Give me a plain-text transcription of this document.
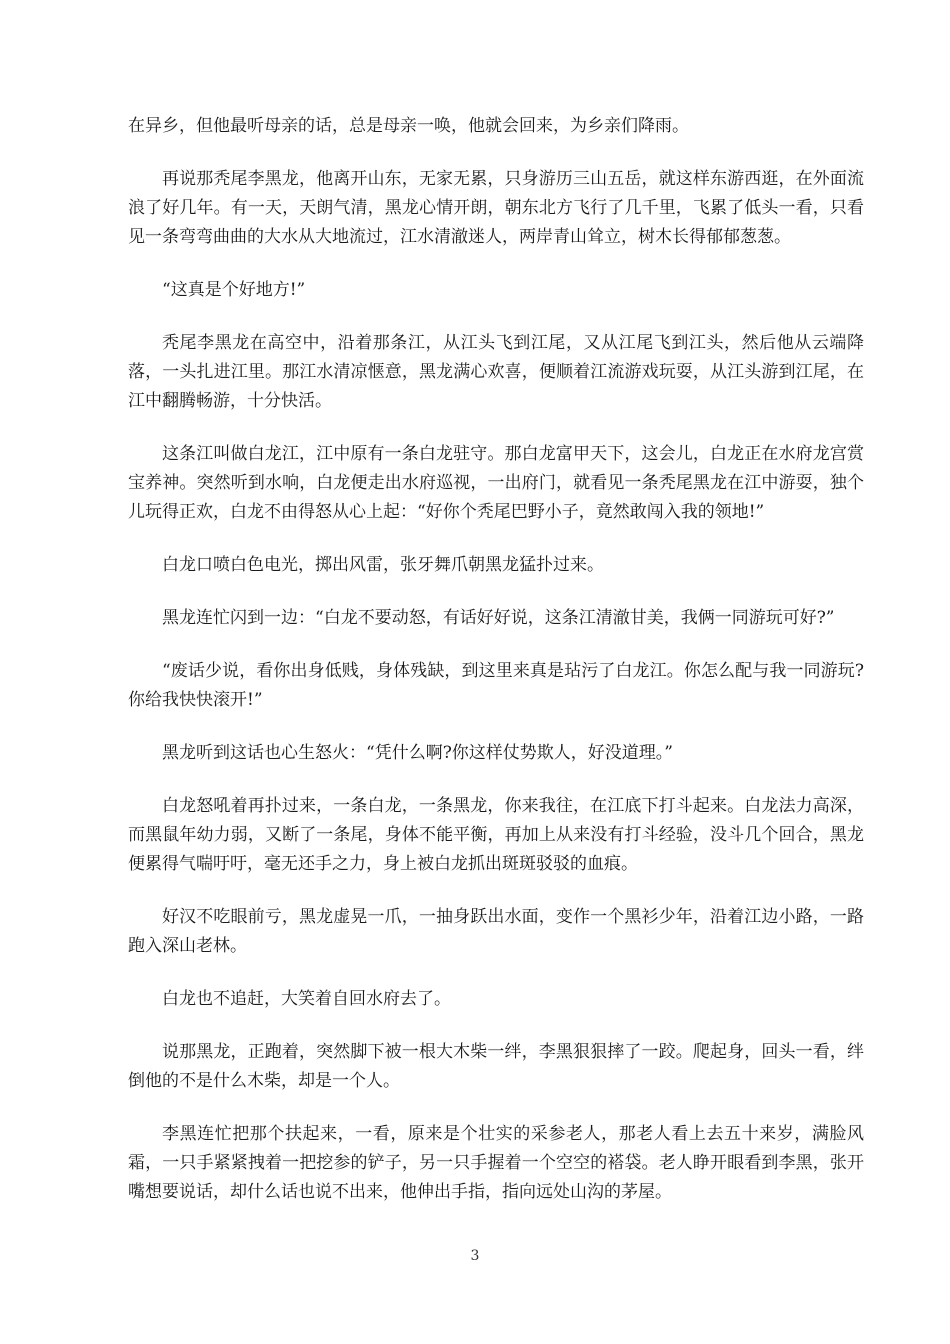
在异乡，但他最听母亲的话，总是母亲一唤，他就会回来，为乡亲们降雨。

再说那秃尾李黑龙，他离开山东，无家无累，只身游历三山五岳，就这样东游西逛，在外面流浪了好几年。有一天，天朗气清，黑龙心情开朗，朝东北方飞行了几千里，飞累了低头一看，只看见一条弯弯曲曲的大水从大地流过，江水清澈迷人，两岸青山耸立，树木长得郁郁葱葱。

“这真是个好地方!”

秃尾李黑龙在高空中，沿着那条江，从江头飞到江尾，又从江尾飞到江头，然后他从云端降落，一头扎进江里。那江水清凉惬意，黑龙满心欢喜，便顺着江流游戏玩耍，从江头游到江尾，在江中翻腾畅游，十分快活。

这条江叫做白龙江，江中原有一条白龙驻守。那白龙富甲天下，这会儿，白龙正在水府龙宫赏宝养神。突然听到水响，白龙便走出水府巡视，一出府门，就看见一条秃尾黑龙在江中游耍，独个儿玩得正欢，白龙不由得怒从心上起：“好你个秃尾巴野小子，竟然敢闯入我的领地!”

白龙口喷白色电光，掷出风雷，张牙舞爪朝黑龙猛扑过来。

黑龙连忙闪到一边：“白龙不要动怒，有话好好说，这条江清澈甘美，我俩一同游玩可好?”

“废话少说，看你出身低贱，身体残缺，到这里来真是玷污了白龙江。你怎么配与我一同游玩?你给我快快滚开!”

黑龙听到这话也心生怒火：“凭什么啊?你这样仗势欺人，好没道理。”

白龙怒吼着再扑过来，一条白龙，一条黑龙，你来我往，在江底下打斗起来。白龙法力高深，而黑鼠年幼力弱，又断了一条尾，身体不能平衡，再加上从来没有打斗经验，没斗几个回合，黑龙便累得气喘吁吁，毫无还手之力，身上被白龙抓出斑斑驳驳的血痕。

好汉不吃眼前亏，黑龙虚晃一爪，一抽身跃出水面，变作一个黑衫少年，沿着江边小路，一路跑入深山老林。

白龙也不追赶，大笑着自回水府去了。

说那黑龙，正跑着，突然脚下被一根大木柴一绊，李黑狠狠摔了一跤。爬起身，回头一看，绊倒他的不是什么木柴，却是一个人。

李黑连忙把那个扶起来，一看，原来是个壮实的采参老人，那老人看上去五十来岁，满脸风霜，一只手紧紧拽着一把挖参的铲子，另一只手握着一个空空的褡袋。老人睁开眼看到李黑，张开嘴想要说话，却什么话也说不出来，他伸出手指，指向远处山沟的茅屋。

3
